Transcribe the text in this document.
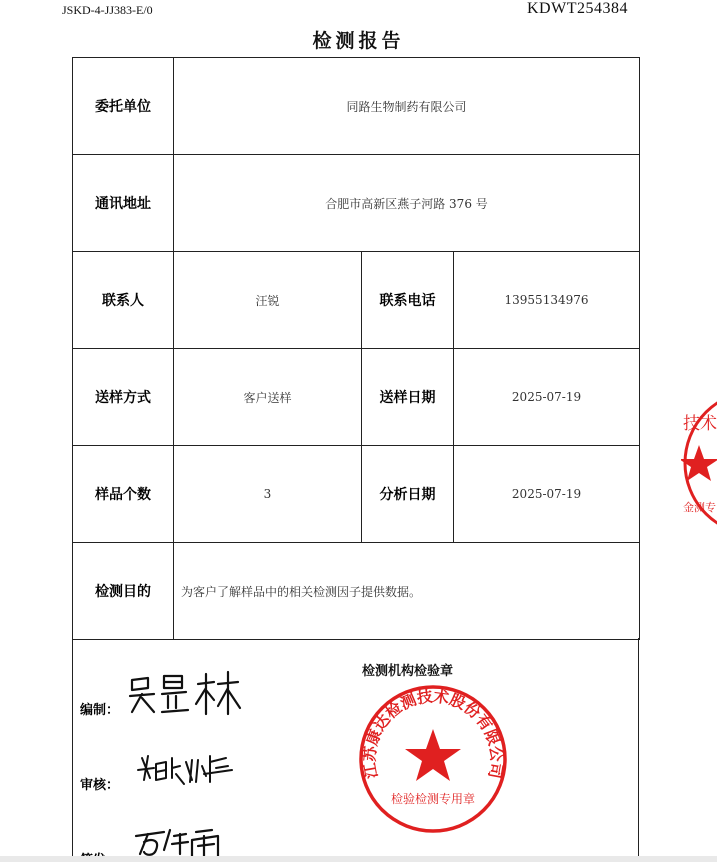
JSKD-4-JJ383-E/0	KDWT254384
检测报告
委托单位	同路生物制药有限公司		
通讯地址	合肥市高新区燕子河路 376 号		
联系人	汪锐	联系电话	13955134976
送样方式	客户送样	送样日期	2025-07-19
样品个数	3	分析日期	2025-07-19
检测目的	为客户了解样品中的相关检测因子提供数据。		
编制：
审核：
检测机构检验章
江苏康达检测技术股份有限公司
检验检测专用章
技术
金测专
